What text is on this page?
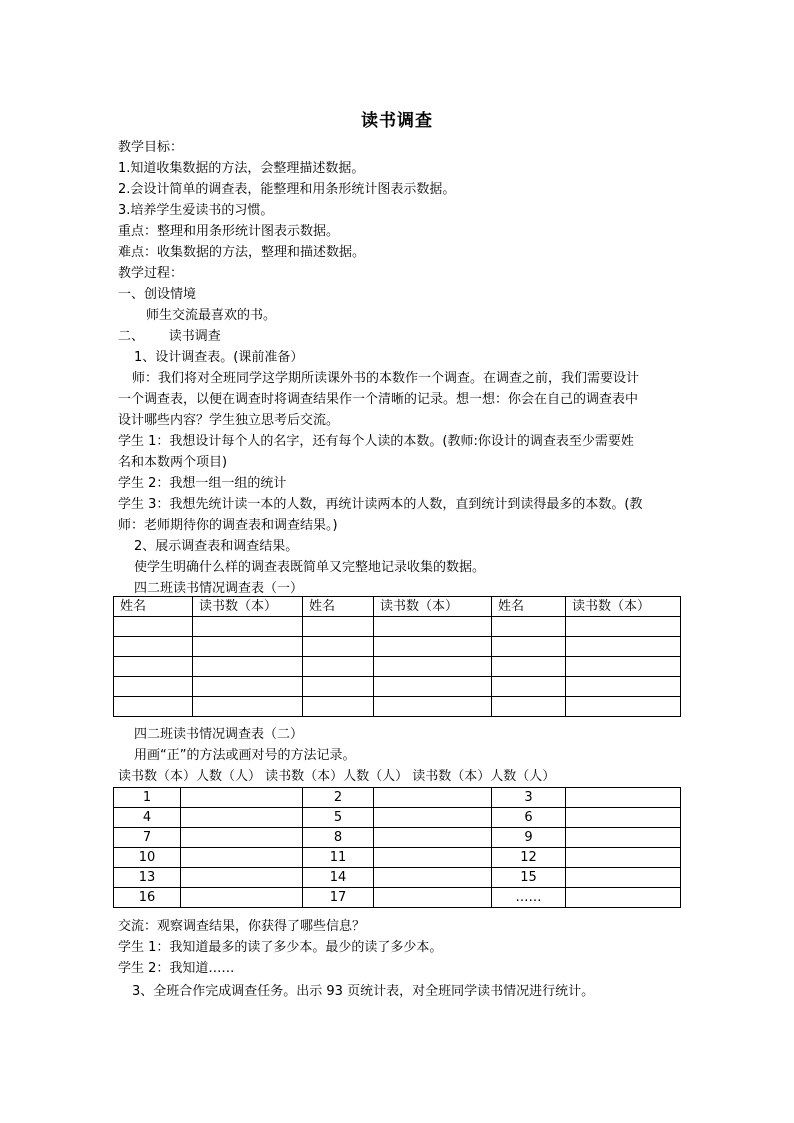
读书调查
教学目标：
1.知道收集数据的方法，会整理描述数据。
2.会设计简单的调查表，能整理和用条形统计图表示数据。
3.培养学生爱读书的习惯。
重点：整理和用条形统计图表示数据。
难点：收集数据的方法，整理和描述数据。
教学过程：
一、创设情境
师生交流最喜欢的书。
二、      读书调查
1、设计调查表。(课前准备）
师：我们将对全班同学这学期所读课外书的本数作一个调查。在调查之前，我们需要设计
一个调查表，以便在调查时将调查结果作一个清晰的记录。想一想：你会在自己的调查表中
设计哪些内容？学生独立思考后交流。
学生 1：我想设计每个人的名字，还有每个人读的本数。(教师:你设计的调查表至少需要姓
名和本数两个项目)
学生 2：我想一组一组的统计
学生 3：我想先统计读一本的人数，再统计读两本的人数，直到统计到读得最多的本数。(教
师：老师期待你的调查表和调查结果。)
2、展示调查表和调查结果。
使学生明确什么样的调查表既简单又完整地记录收集的数据。
四二班读书情况调查表（一）
姓名	读书数（本）	姓名	读书数（本）	姓名	读书数（本）

四二班读书情况调查表（二）
用画“正”的方法或画对号的方法记录。
读书数（本）人数（人） 读书数（本）人数（人） 读书数（本）人数（人）
1		2		3	
4		5		6	
7		8		9	
10		11		12	
13		14		15	
16		17		……	
交流：观察调查结果，你获得了哪些信息？
学生 1：我知道最多的读了多少本。最少的读了多少本。
学生 2：我知道……
3、全班合作完成调查任务。出示 93 页统计表，对全班同学读书情况进行统计。
